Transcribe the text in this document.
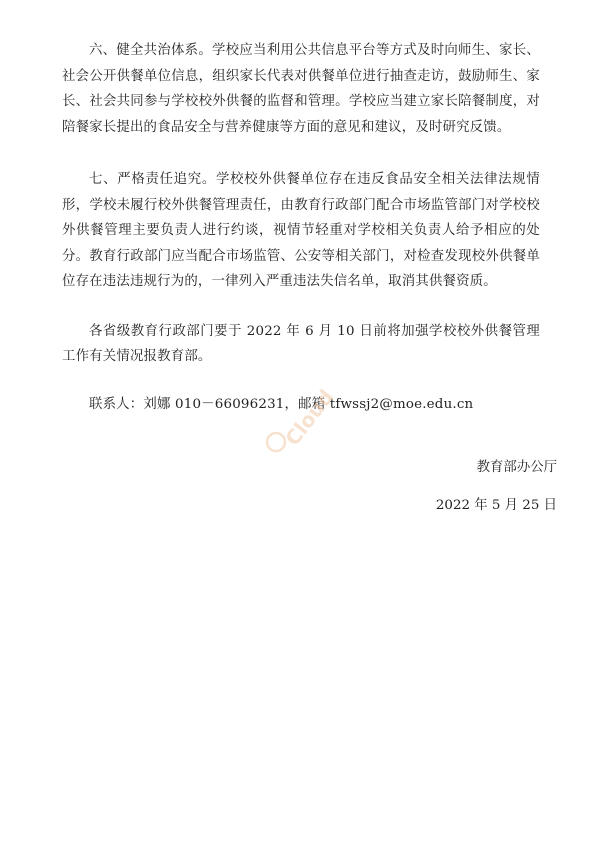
六、健全共治体系。学校应当利用公共信息平台等方式及时向师生、家长、社会公开供餐单位信息，组织家长代表对供餐单位进行抽查走访，鼓励师生、家长、社会共同参与学校校外供餐的监督和管理。学校应当建立家长陪餐制度，对陪餐家长提出的食品安全与营养健康等方面的意见和建议，及时研究反馈。

七、严格责任追究。学校校外供餐单位存在违反食品安全相关法律法规情形，学校未履行校外供餐管理责任，由教育行政部门配合市场监管部门对学校校外供餐管理主要负责人进行约谈，视情节轻重对学校相关负责人给予相应的处分。教育行政部门应当配合市场监管、公安等相关部门，对检查发现校外供餐单位存在违法违规行为的，一律列入严重违法失信名单，取消其供餐资质。

各省级教育行政部门要于 2022 年 6 月 10 日前将加强学校校外供餐管理工作有关情况报教育部。

联系人：刘娜 010－66096231，邮箱 tfwssj2@moe.edu.cn

教育部办公厅

2022 年 5 月 25 日

Cloud
